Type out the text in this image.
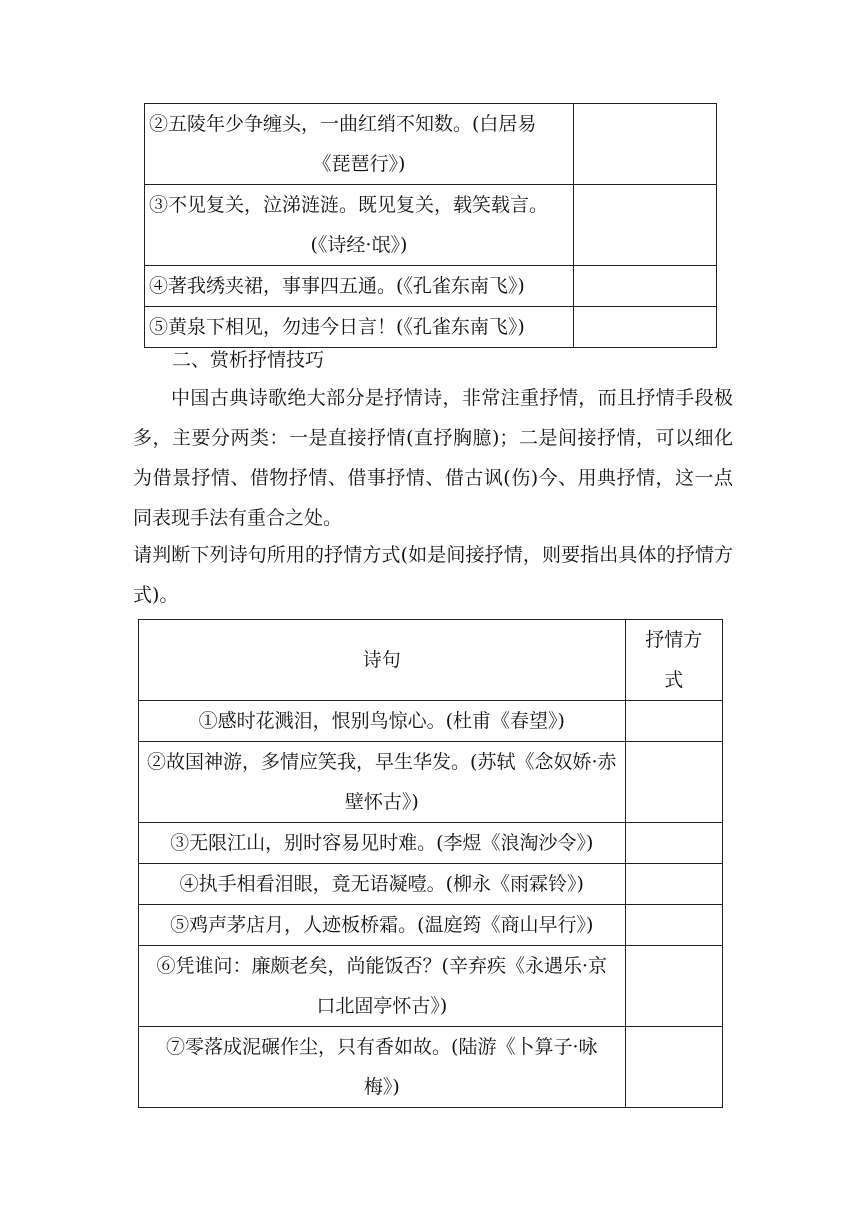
②五陵年少争缠头，一曲红绡不知数。(白居易
《琵琶行》)	

③不见复关，泣涕涟涟。既见复关，载笑载言。
(《诗经·氓》)	

④著我绣夹裙，事事四五通。(《孔雀东南飞》)	

⑤黄泉下相见，勿违今日言！(《孔雀东南飞》)	

二、赏析抒情技巧

中国古典诗歌绝大部分是抒情诗，非常注重抒情，而且抒情手段极多，主要分两类：一是直接抒情(直抒胸臆)；二是间接抒情，可以细化为借景抒情、借物抒情、借事抒情、借古讽(伤)今、用典抒情，这一点同表现手法有重合之处。

请判断下列诗句所用的抒情方式(如是间接抒情，则要指出具体的抒情方式)。

诗句	抒情方
式

①感时花溅泪，恨别鸟惊心。(杜甫《春望》)	

②故国神游，多情应笑我，早生华发。(苏轼《念奴娇·赤
壁怀古》)	

③无限江山，别时容易见时难。(李煜《浪淘沙令》)	

④执手相看泪眼，竟无语凝噎。(柳永《雨霖铃》)	

⑤鸡声茅店月，人迹板桥霜。(温庭筠《商山早行》)	

⑥凭谁问：廉颇老矣，尚能饭否？(辛弃疾《永遇乐·京
口北固亭怀古》)	

⑦零落成泥碾作尘，只有香如故。(陆游《卜算子·咏
梅》)	
